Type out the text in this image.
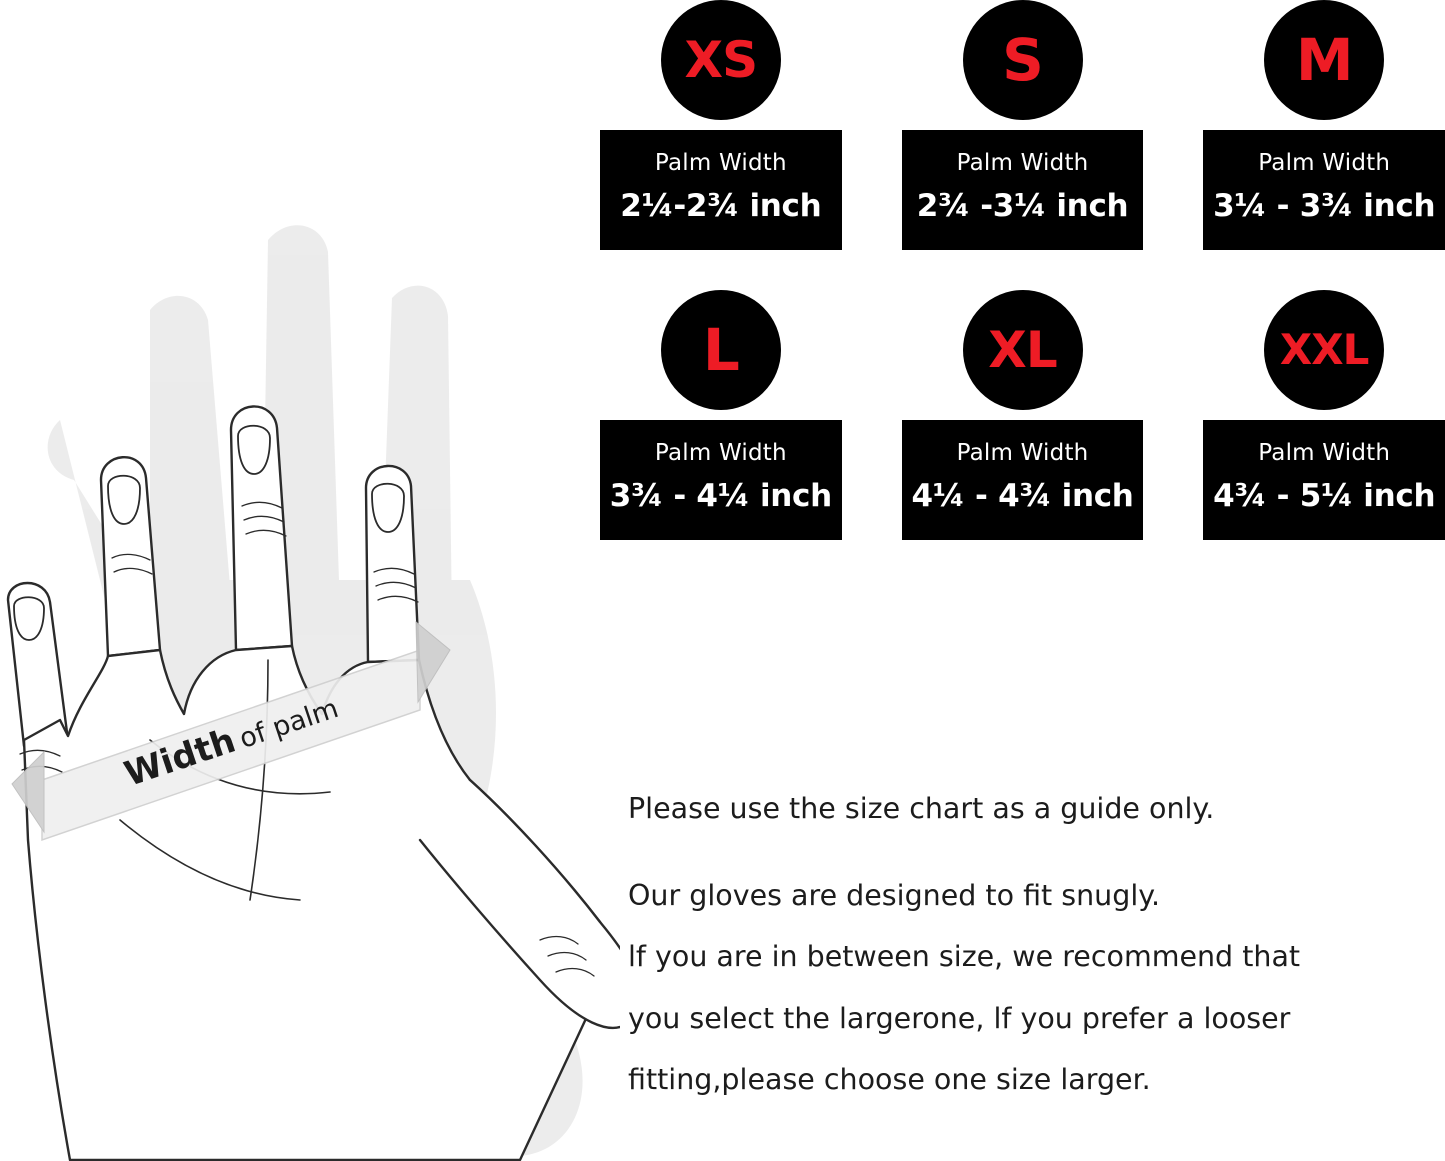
Width
of palm
XS
Palm Width
2¼-2¾ inch
S
Palm Width
2¾ -3¼ inch
M
Palm Width
3¼ - 3¾ inch
L
Palm Width
3¾ - 4¼ inch
XL
Palm Width
4¼ - 4¾ inch
XXL
Palm Width
4¾ - 5¼ inch
Please use the size chart as a guide only.
Our gloves are designed to fit snugly.
lf you are in between size, we recommend that
you select the largerone, lf you prefer a looser
fitting,please choose one size larger.
